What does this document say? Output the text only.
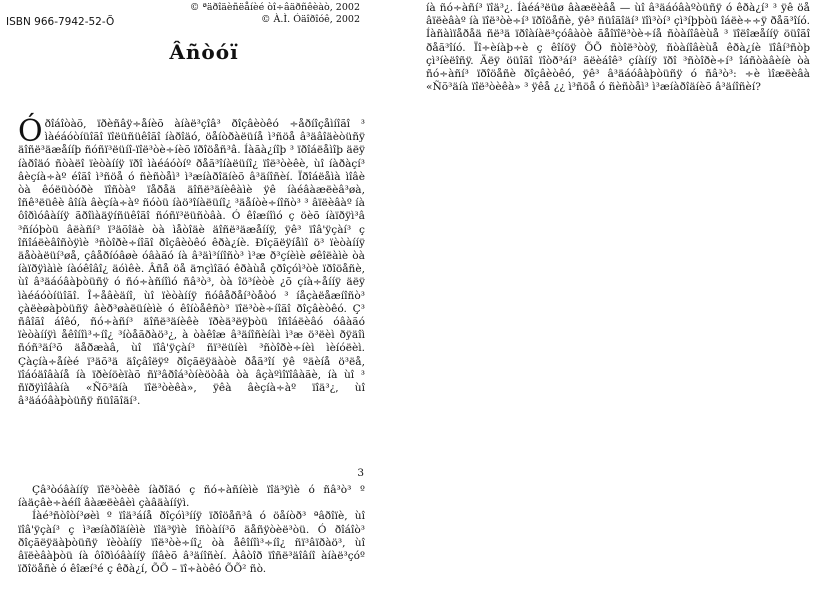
ISBN 966-7942-52-Õ
© ªäðîäèñëåíèé òî÷âäðñêèàò, 2002
© À.Ì. Óäîðîóê, 2002
Âñòóï

Óðîáîòàõ, ïðèñâÿ÷åíèõ àíàë³çîâ³ ðîçâèòêó ÷åðíîçåìíîãî ³ ìàéáóòíüîãî ïîëüñüêîãî íàðîäó, öåíòðàëüíå ì³ñöå â³äâîäèòüñÿ äîñë³äæåííþ ñóñï³ëüíî-ïîë³òè÷íèõ ïðîöåñ³â. Íàãà¿íîþ ³ ïðîáëåìîþ äëÿ íàðîäó ñòàëî ïèòàííÿ ïðî ìàéáóòíº ðåã³îíàëüíî¿ ïîë³òèêè, ùî íàðàçí³ âèçíà÷àº éîãî ì³ñöå ó ñèñòåì³ ì³æíàðîäíèõ â³äíîñèí. Ïðîáëåìà ìîâè òà êóëüòóðè ïîñòàº ïåðåä äîñë³äíèêàìè ÿê íàéâàæëèâ³øà, îñê³ëüêè âîíà âèçíà÷àº ñóòü íàö³îíàëüíî¿ ³äåíòè÷íîñò³ ³ âïëèâàº íà ôîðìóâàííÿ ãðîìàäÿíñüêîãî ñóñï³ëüñòâà. Ó êîæíîìó ç öèõ íàïðÿì³â ³ñíóþòü âëàñí³ ï³äõîäè òà ìåòîäè äîñë³äæåííÿ, ÿê³ ïîâ'ÿçàí³ ç îñîáëèâîñòÿìè ³ñòîðè÷íîãî ðîçâèòêó êðà¿íè. Ðîçãëÿíåìî ö³ ïèòàííÿ äåòàëüí³øå, çâåðíóâøè óâàãó íà â³äì³ííîñò³ ì³æ ð³çíèìè øêîëàìè òà íàïðÿìàìè íàóêîâî¿ äóìêè. Âñå öå äຠçìîãó êðàùå çðîçóì³òè ïðîöåñè, ùî â³äáóâàþòüñÿ ó ñó÷àñíîìó ñâ³ò³, òà îö³íèòè ¿õ çíà÷åííÿ äëÿ ìàéáóòíüîãî. Î÷åâèäíî, ùî ïèòàííÿ ñóâåðåí³òåòó ³ íåçàëåæíîñò³ çàëèøàþòüñÿ âèð³øàëüíèìè ó êîíòåêñò³ ïîë³òè÷íîãî ðîçâèòêó. Ç³ ñâîãî áîêó, ñó÷àñí³ äîñë³äíèêè ïðèä³ëÿþòü îñîáëèâó óâàãó ïèòàííÿì åêîíîì³÷íî¿ ³íòåãðàö³¿, à òàêîæ â³äíîñèíàì ì³æ ö³ëèì ðÿäîì ñóñ³äí³õ äåðæàâ, ùî ïîâ'ÿçàí³ ñï³ëüíèì ³ñòîðè÷íèì ìèíóëèì. Çàçíà÷åíèé ï³äõ³ä äîçâîëÿº ðîçãëÿäàòè ðåã³îí ÿê ºäèíå ö³ëå, ïîáóäîâàíå íà ïðèíöèïàõ ñï³âðîá³òíèöòâà òà âçàºìîïîâàãè, íà ùî ³ ñïðÿìîâàíà «Ñõ³äíà ïîë³òèêà», ÿêà âèçíà÷àº ïîä³¿, ùî â³äáóâàþòüñÿ ñüîãîäí³.

3

Çâ³òóâàííÿ ïîë³òèêè íàðîäó ç ñó÷àñíèìè ïîä³ÿìè ó ñâ³ò³ º íàäçâè÷àéíî âàæëèâèì çàâäàííÿì.

Íàé³ñòîòí³øèì º ïîä³áíå ðîçóì³ííÿ ïðîöåñ³â ó öåíòð³ ªâðîïè, ùî ïîâ'ÿçàí³ ç ì³æíàðîäíèìè ïîä³ÿìè îñòàíí³õ äåñÿòèë³òü. Ó ðîáîò³ ðîçãëÿäàþòüñÿ ïèòàííÿ ïîë³òè÷íî¿ òà åêîíîì³÷íî¿ ñï³âïðàö³, ùî âïëèâàþòü íà ôîðìóâàííÿ íîâèõ â³äíîñèí. Àâòîð ïîñë³äîâíî àíàë³çóº ïðîöåñè ó êîæí³é ç êðà¿í, ÕÕ – ïî÷àòêó ÕÕ² ñò.

íà ñó÷àñí³ ïîä³¿. Íàéá³ëüø âàæëèâå — ùî â³äáóâàºòüñÿ ó êðà¿í³ ³ ÿê öå âïëèâàº íà ïîë³òè÷í³ ïðîöåñè, ÿê³ ñüîãîäí³ ïîì³òí³ çì³íþþòü îáëè÷÷ÿ ðåã³îíó. Íàñàìïåðåä ñë³ä ïðîàíàë³çóâàòè ãåîïîë³òè÷íå ñòàíîâèùå ³ ïîëîæåííÿ öüîãî ðåã³îíó. Ïî÷èíàþ÷è ç êîíöÿ ÕÕ ñòîë³òòÿ, ñòàíîâèùå êðà¿íè ïîâí³ñòþ çì³íèëîñÿ. Äëÿ öüîãî ïîòð³áí³ ãëèáîê³ çíàííÿ ïðî ³ñòîðè÷í³ îáñòàâèíè òà ñó÷àñí³ ïðîöåñè ðîçâèòêó, ÿê³ â³äáóâàþòüñÿ ó ñâ³ò³: ÷è ìîæëèâà «Ñõ³äíà ïîë³òèêà» ³ ÿêå ¿¿ ì³ñöå ó ñèñòåì³ ì³æíàðîäíèõ â³äíîñèí?
